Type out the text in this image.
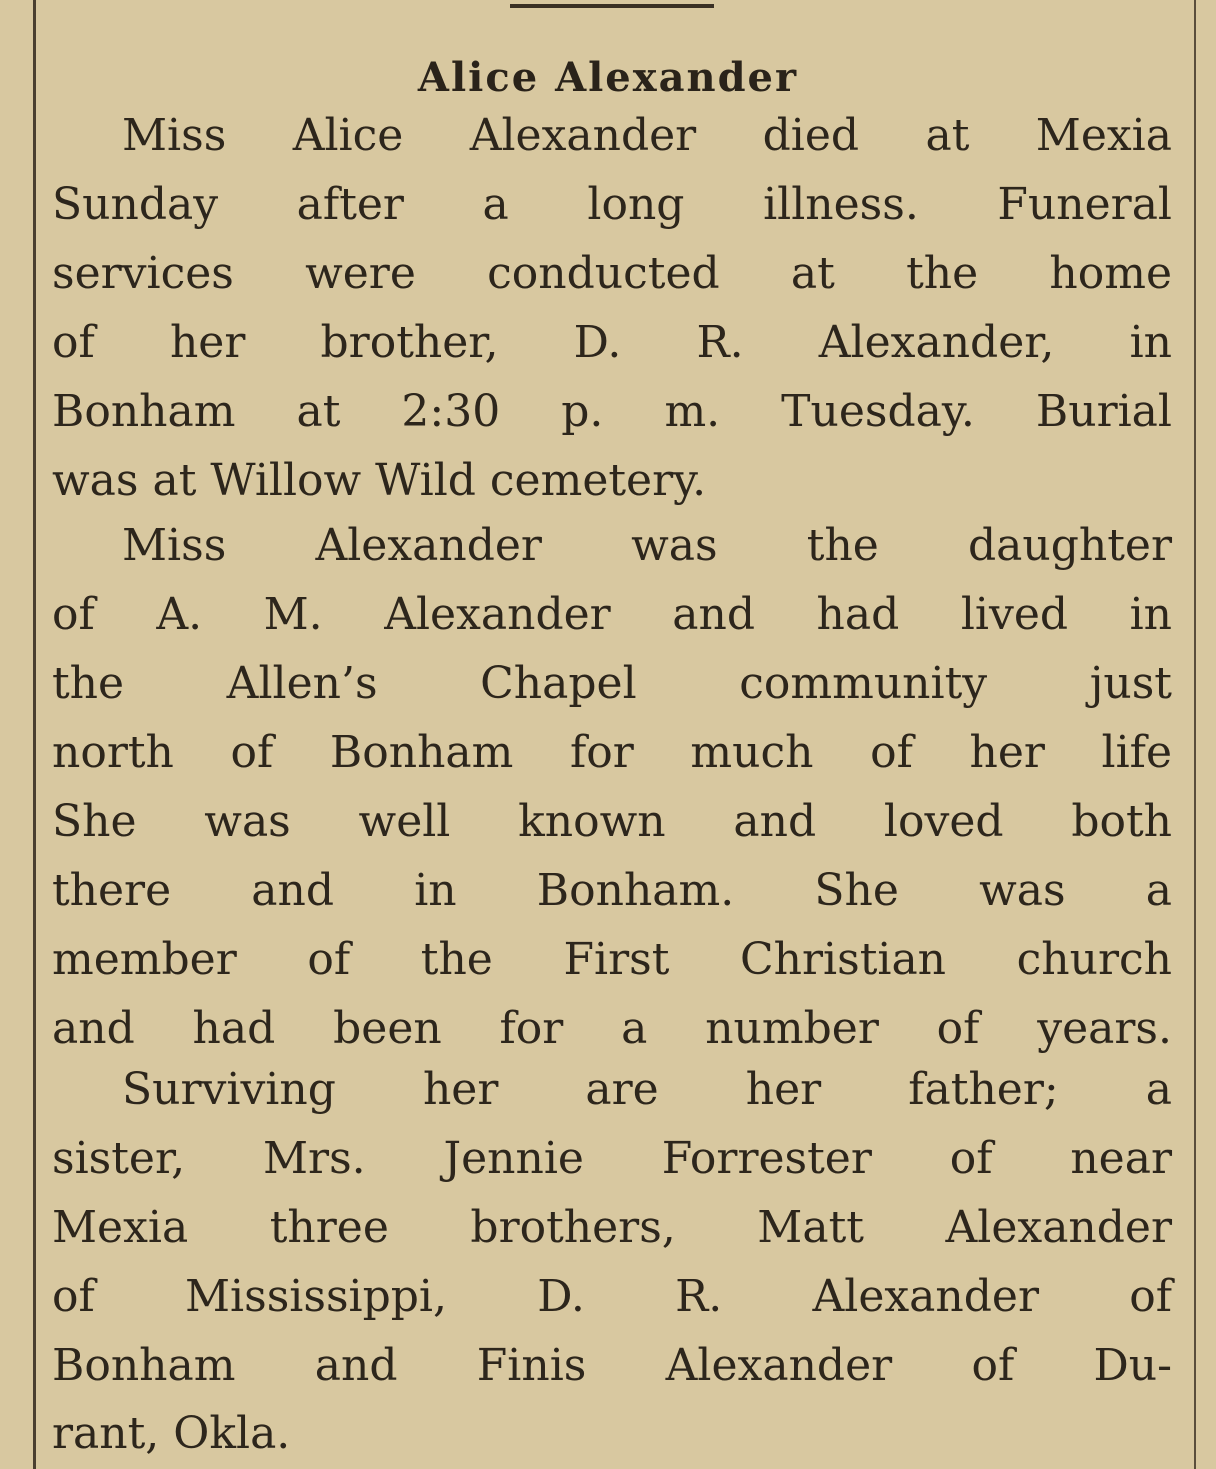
Alice Alexander
Miss Alice Alexander died at Mexia
Sunday after a long illness. Funeral
services were conducted at the home
of her brother, D. R. Alexander, in
Bonham at 2:30 p. m. Tuesday. Burial
was at Willow Wild cemetery.
Miss Alexander was the daughter
of A. M. Alexander and had lived in
the Allen’s Chapel community just
north of Bonham for much of her life
She was well known and loved both
there and in Bonham. She was a
member of the First Christian church
and had been for a number of years.
Surviving her are her father; a
sister, Mrs. Jennie Forrester of near
Mexia three brothers, Matt Alexander
of Mississippi, D. R. Alexander of
Bonham and Finis Alexander of Du-
rant, Okla.
